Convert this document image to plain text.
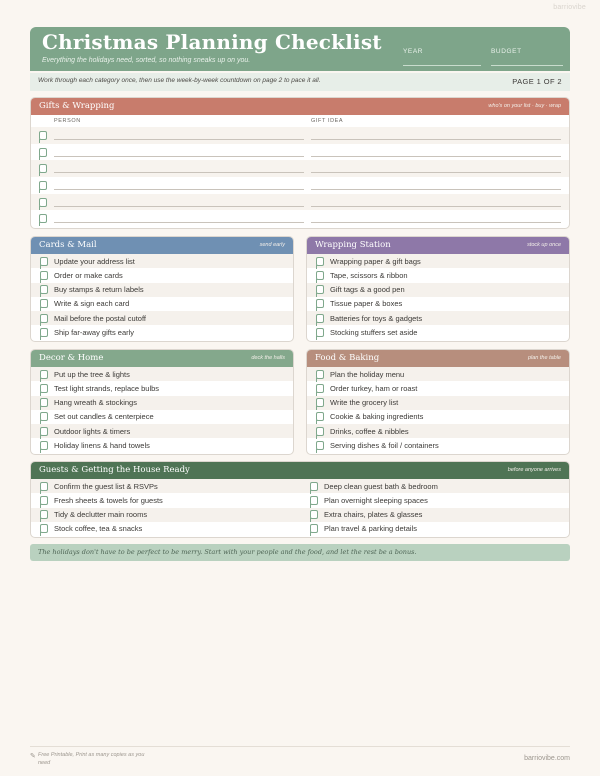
barriovibe
Christmas Planning Checklist
Everything the holidays need, sorted, so nothing sneaks up on you.
YEAR	BUDGET
Work through each category once, then use the week-by-week countdown on page 2 to pace it all.	PAGE 1 OF 2
Gifts & Wrapping	who's on your list · buy · wrap
PERSON	GIFT IDEA
Cards & Mail	send early
Update your address list
Order or make cards
Buy stamps & return labels
Write & sign each card
Mail before the postal cutoff
Ship far-away gifts early
Wrapping Station	stock up once
Wrapping paper & gift bags
Tape, scissors & ribbon
Gift tags & a good pen
Tissue paper & boxes
Batteries for toys & gadgets
Stocking stuffers set aside
Decor & Home	deck the halls
Put up the tree & lights
Test light strands, replace bulbs
Hang wreath & stockings
Set out candles & centerpiece
Outdoor lights & timers
Holiday linens & hand towels
Food & Baking	plan the table
Plan the holiday menu
Order turkey, ham or roast
Write the grocery list
Cookie & baking ingredients
Drinks, coffee & nibbles
Serving dishes & foil / containers
Guests & Getting the House Ready	before anyone arrives
Confirm the guest list & RSVPs
Fresh sheets & towels for guests
Tidy & declutter main rooms
Stock coffee, tea & snacks
Deep clean guest bath & bedroom
Plan overnight sleeping spaces
Extra chairs, plates & glasses
Plan travel & parking details
The holidays don't have to be perfect to be merry. Start with your people and the food, and let the rest be a bonus.
✎ Free Printable, Print as many copies as you need
barriovibe.com
